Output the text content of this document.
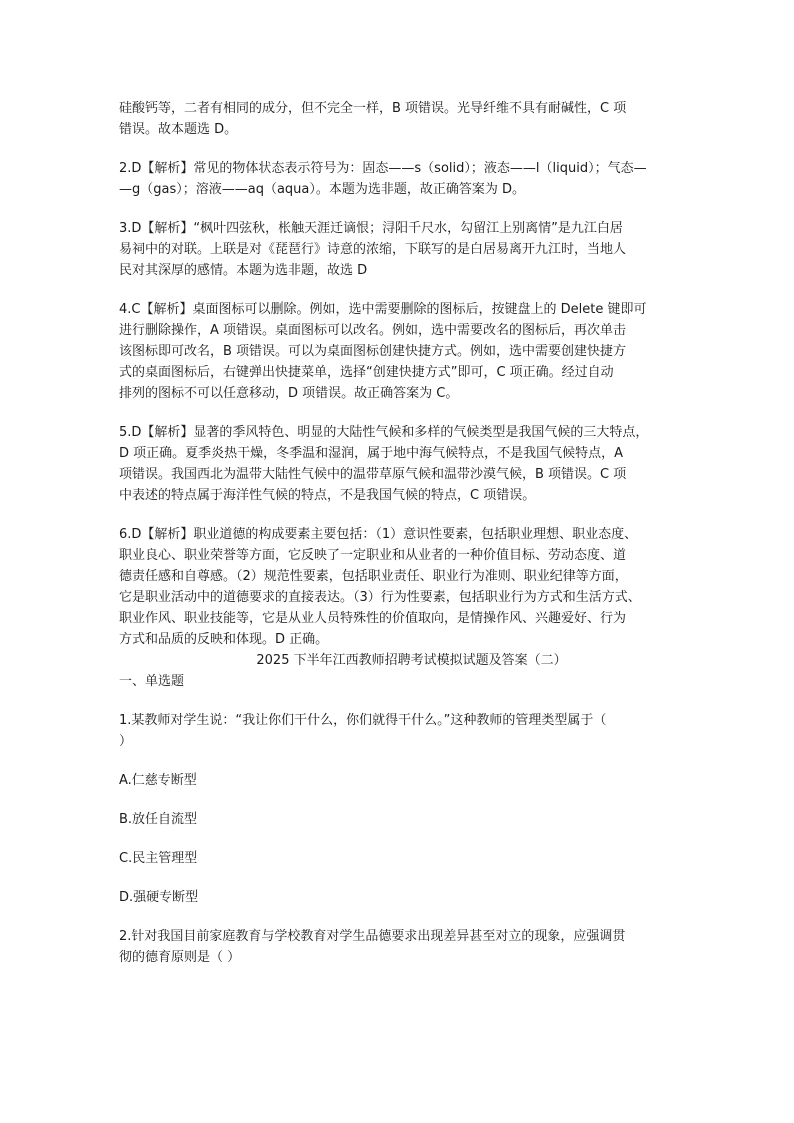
硅酸钙等，二者有相同的成分，但不完全一样，B 项错误。光导纤维不具有耐碱性，C 项
错误。故本题选 D。
2.D【解析】常见的物体状态表示符号为：固态——s（solid）；液态——l（liquid）；气态—
—g（gas）；溶液——aq（aqua）。本题为选非题，故正确答案为 D。
3.D【解析】“枫叶四弦秋，枨触天涯迁谪恨；浔阳千尺水，勾留江上别离情”是九江白居
易祠中的对联。上联是对《琵琶行》诗意的浓缩，下联写的是白居易离开九江时，当地人
民对其深厚的感情。本题为选非题，故选 D
4.C【解析】桌面图标可以删除。例如，选中需要删除的图标后，按键盘上的 Delete 键即可
进行删除操作，A 项错误。桌面图标可以改名。例如，选中需要改名的图标后，再次单击
该图标即可改名，B 项错误。可以为桌面图标创建快捷方式。例如，选中需要创建快捷方
式的桌面图标后，右键弹出快捷菜单，选择“创建快捷方式”即可，C 项正确。经过自动
排列的图标不可以任意移动，D 项错误。故正确答案为 C。
5.D【解析】显著的季风特色、明显的大陆性气候和多样的气候类型是我国气候的三大特点，
D 项正确。夏季炎热干燥，冬季温和湿润，属于地中海气候特点，不是我国气候特点，A
项错误。我国西北为温带大陆性气候中的温带草原气候和温带沙漠气候，B 项错误。C 项
中表述的特点属于海洋性气候的特点，不是我国气候的特点，C 项错误。
6.D【解析】职业道德的构成要素主要包括：（1）意识性要素，包括职业理想、职业态度、
职业良心、职业荣誉等方面，它反映了一定职业和从业者的一种价值目标、劳动态度、道
德责任感和自尊感。（2）规范性要素，包括职业责任、职业行为准则、职业纪律等方面，
它是职业活动中的道德要求的直接表达。（3）行为性要素，包括职业行为方式和生活方式、
职业作风、职业技能等，它是从业人员特殊性的价值取向，是情操作风、兴趣爱好、行为
方式和品质的反映和体现。D 正确。
2025 下半年江西教师招聘考试模拟试题及答案（二）
一、单选题
1.某教师对学生说：“我让你们干什么，你们就得干什么。”这种教师的管理类型属于（
）
A.仁慈专断型
B.放任自流型
C.民主管理型
D.强硬专断型
2.针对我国目前家庭教育与学校教育对学生品德要求出现差异甚至对立的现象，应强调贯
彻的德育原则是（ ）
